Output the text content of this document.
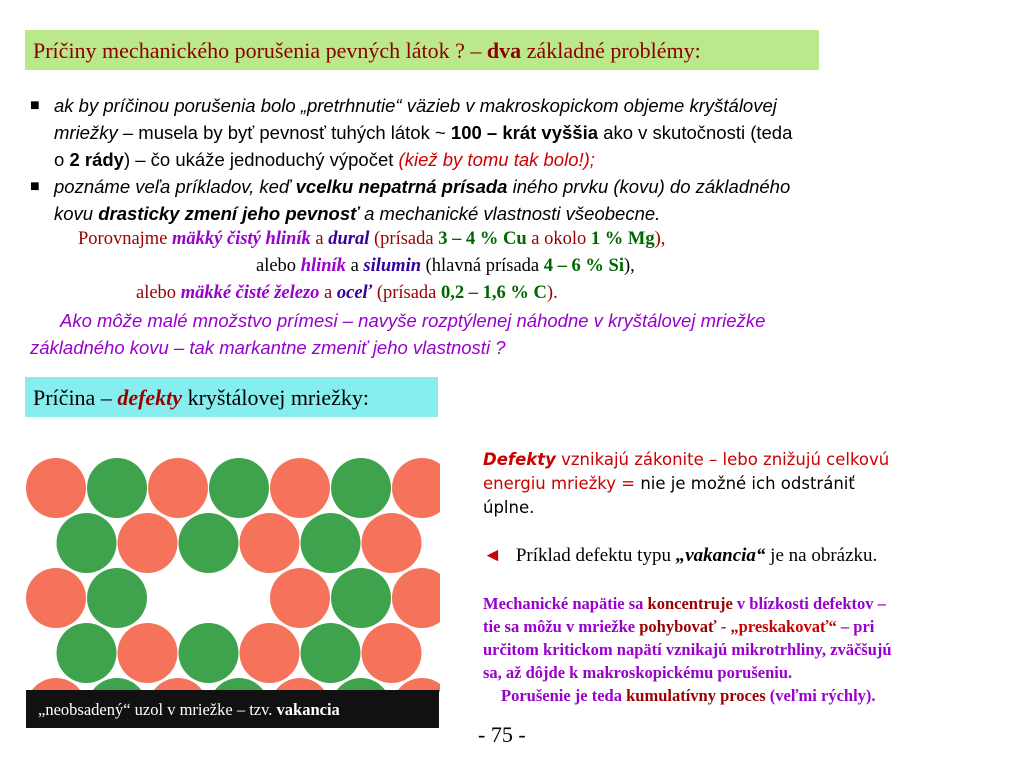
Príčiny mechanického porušenia pevných látok ? – dva základné problémy:
■ ak by príčinou porušenia bolo „pretrhnutie“ väzieb v makroskopickom objeme kryštálovej
mriežky – musela by byť pevnosť tuhých látok ~ 100 – krát vyššia ako v skutočnosti (teda
o 2 rády) – čo ukáže jednoduchý výpočet (kiež by tomu tak bolo!);
■ poznáme veľa príkladov, keď vcelku nepatrná prísada iného prvku (kovu) do základného
kovu drasticky zmení jeho pevnosť a mechanické vlastnosti všeobecne.
Porovnajme mäkký čistý hliník a dural (prísada 3 – 4 % Cu a okolo 1 % Mg),
alebo hliník a silumin (hlavná prísada 4 – 6 % Si),
alebo mäkké čisté železo a oceľ (prísada 0,2 – 1,6 % C).
Ako môže malé množstvo prímesi – navyše rozptýlenej náhodne v kryštálovej mriežke
základného kovu – tak markantne zmeniť jeho vlastnosti ?
Príčina – defekty kryštálovej mriežky:
„neobsadený“ uzol v mriežke – tzv. vakancia
Defekty vznikajú zákonite – lebo znižujú celkovú
energiu mriežky = nie je možné ich odstrániť
úplne.
◄ Príklad defektu typu „vakancia“ je na obrázku.
Mechanické napätie sa koncentruje v blízkosti defektov –
tie sa môžu v mriežke pohybovať - „preskakovať“ – pri
určitom kritickom napätí vznikajú mikrotrhliny, zväčšujú
sa, až dôjde k makroskopickému porušeniu.
Porušenie je teda kumulatívny proces (veľmi rýchly).
- 75 -
